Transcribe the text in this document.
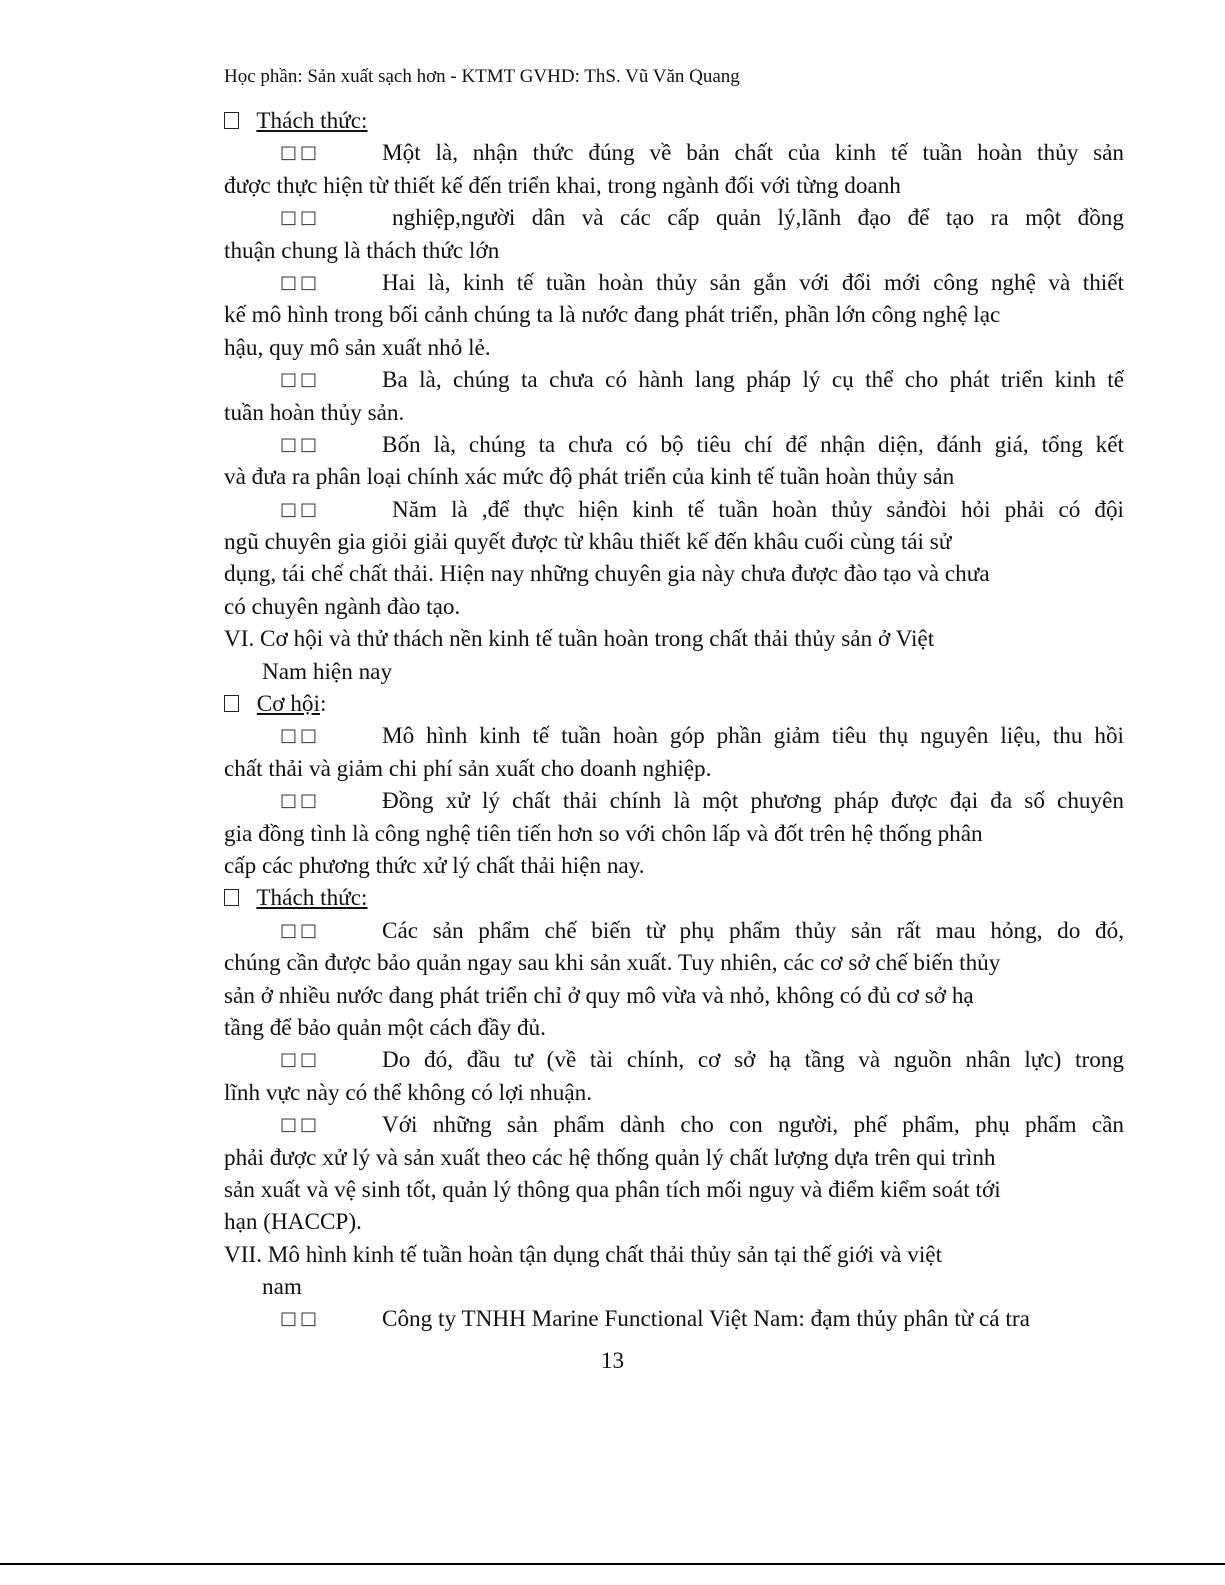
Học phần: Sản xuất sạch hơn - KTMT GVHD: ThS. Vũ Văn Quang
Thách thức:
□□	Một là, nhận thức đúng về bản chất của kinh tế tuần hoàn thủy sản
được thực hiện từ thiết kế đến triển khai, trong ngành đối với từng doanh
□□	nghiệp,người dân và các cấp quản lý,lãnh đạo để tạo ra một đồng
thuận chung là thách thức lớn
□□	Hai là, kinh tế tuần hoàn thủy sản gắn với đổi mới công nghệ và thiết
kế mô hình trong bối cảnh chúng ta là nước đang phát triển, phần lớn công nghệ lạc
hậu, quy mô sản xuất nhỏ lẻ.
□□	Ba là, chúng ta chưa có hành lang pháp lý cụ thể cho phát triển kinh tế
tuần hoàn thủy sản.
□□	Bốn là, chúng ta chưa có bộ tiêu chí để nhận diện, đánh giá, tổng kết
và đưa ra phân loại chính xác mức độ phát triển của kinh tế tuần hoàn thủy sản
□□	Năm là ,để thực hiện kinh tế tuần hoàn thủy sảnđòi hỏi phải có đội
ngũ chuyên gia giỏi giải quyết được từ khâu thiết kế đến khâu cuối cùng tái sử
dụng, tái chế chất thải. Hiện nay những chuyên gia này chưa được đào tạo và chưa
có chuyên ngành đào tạo.
VI. Cơ hội và thử thách nền kinh tế tuần hoàn trong chất thải thủy sản ở Việt
Nam hiện nay
Cơ hội:
□□	Mô hình kinh tế tuần hoàn góp phần giảm tiêu thụ nguyên liệu, thu hồi
chất thải và giảm chi phí sản xuất cho doanh nghiệp.
□□	Đồng xử lý chất thải chính là một phương pháp được đại đa số chuyên
gia đồng tình là công nghệ tiên tiến hơn so với chôn lấp và đốt trên hệ thống phân
cấp các phương thức xử lý chất thải hiện nay.
Thách thức:
□□	Các sản phẩm chế biến từ phụ phẩm thủy sản rất mau hỏng, do đó,
chúng cần được bảo quản ngay sau khi sản xuất. Tuy nhiên, các cơ sở chế biến thủy
sản ở nhiều nước đang phát triển chỉ ở quy mô vừa và nhỏ, không có đủ cơ sở hạ
tầng để bảo quản một cách đầy đủ.
□□	Do đó, đầu tư (về tài chính, cơ sở hạ tầng và nguồn nhân lực) trong
lĩnh vực này có thể không có lợi nhuận.
□□	Với những sản phẩm dành cho con người, phế phẩm, phụ phẩm cần
phải được xử lý và sản xuất theo các hệ thống quản lý chất lượng dựa trên qui trình
sản xuất và vệ sinh tốt, quản lý thông qua phân tích mối nguy và điểm kiểm soát tới
hạn (HACCP).
VII. Mô hình kinh tế tuần hoàn tận dụng chất thải thủy sản tại thế giới và việt
nam
□□	Công ty TNHH Marine Functional Việt Nam: đạm thủy phân từ cá tra
13
